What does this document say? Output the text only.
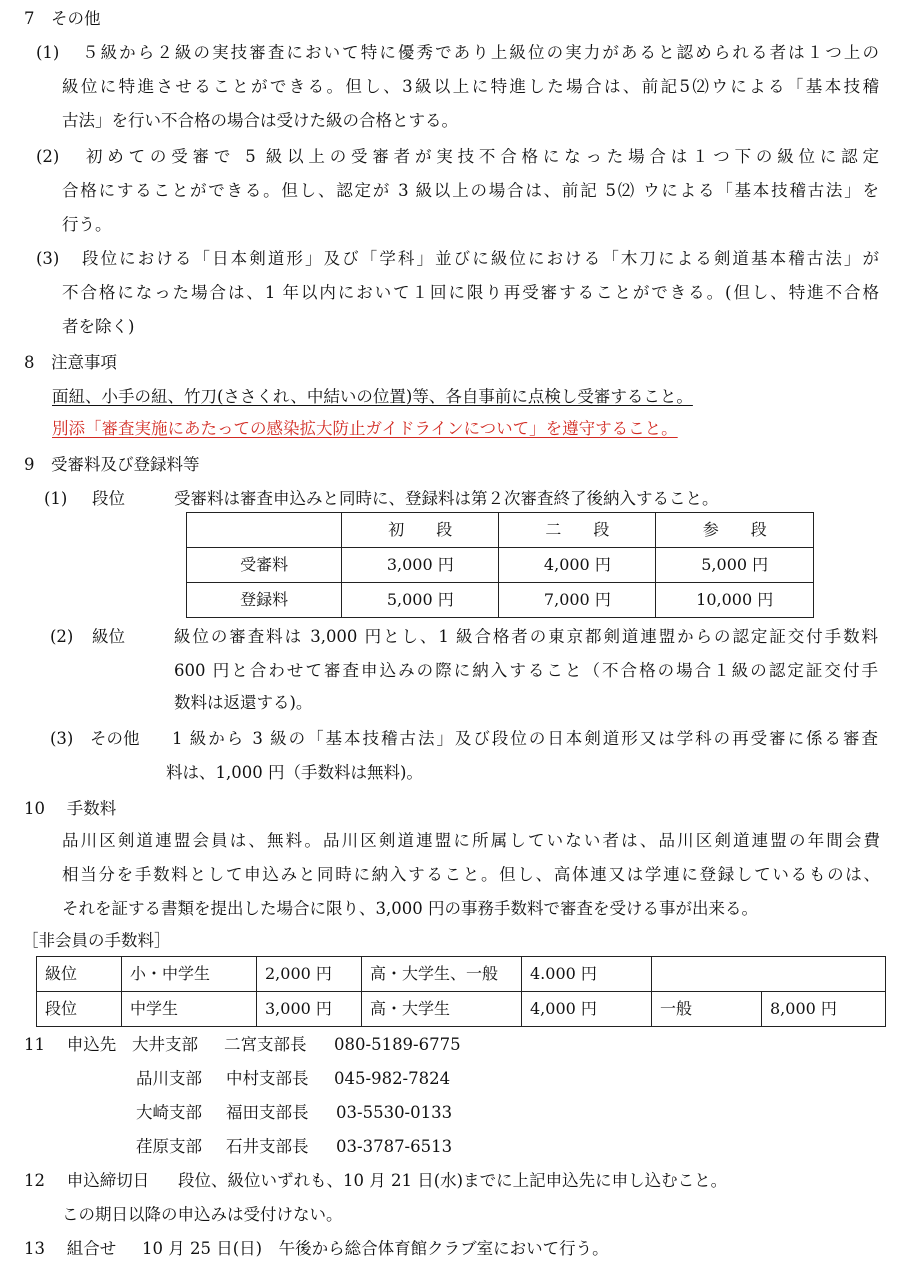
7　その他
(1) ５級から２級の実技審査において特に優秀であり上級位の実力があると認められる者は１つ上の
級位に特進させることができる。但し、3級以上に特進した場合は、前記5⑵ウによる「基本技稽
古法」を行い不合格の場合は受けた級の合格とする。
(2) 初めての受審で 5 級以上の受審者が実技不合格になった場合は１つ下の級位に認定
合格にすることができる。但し、認定が 3 級以上の場合は、前記 5⑵ ウによる「基本技稽古法」を
行う。
(3) 段位における「日本剣道形」及び「学科」並びに級位における「木刀による剣道基本稽古法」が
不合格になった場合は、1 年以内において１回に限り再受審することができる。(但し、特進不合格
者を除く)
8　注意事項
面紐、小手の紐、竹刀(ささくれ、中結いの位置)等、各自事前に点検し受審すること。
別添「審査実施にあたっての感染拡大防止ガイドラインについて」を遵守すること。
9　受審料及び登録料等
(1) 段位	受審料は審査申込みと同時に、登録料は第２次審査終了後納入すること。
	初　　段	二　　段	参　　段
受審料	3,000 円	4,000 円	5,000 円
登録料	5,000 円	7,000 円	10,000 円
(2) 級位	級位の審査料は 3,000 円とし、1 級合格者の東京都剣道連盟からの認定証交付手数料
600 円と合わせて審査申込みの際に納入すること（不合格の場合１級の認定証交付手
数料は返還する)。
(3) その他 1 級から 3 級の「基本技稽古法」及び段位の日本剣道形又は学科の再受審に係る審査
料は、1,000 円（手数料は無料)。
10　 手数料
品川区剣道連盟会員は、無料。品川区剣道連盟に所属していない者は、品川区剣道連盟の年間会費
相当分を手数料として申込みと同時に納入すること。但し、高体連又は学連に登録しているものは、
それを証する書類を提出した場合に限り、3,000 円の事務手数料で審査を受ける事が出来る。
［非会員の手数料］
級位	小・中学生	2,000 円	高・大学生、一般	4.000 円		
段位	中学生	3,000 円	高・大学生	4,000 円	一般	8,000 円
11　 申込先 大井支部 二宮支部長 080-5189-6775
品川支部 中村支部長 045-982-7824
大崎支部 福田支部長 03-5530-0133
荏原支部 石井支部長 03-3787-6513
12　 申込締切日 段位、級位いずれも、10 月 21 日(水)までに上記申込先に申し込むこと。
この期日以降の申込みは受付けない。
13　 組合せ 10 月 25 日(日)　午後から総合体育館クラブ室において行う。
